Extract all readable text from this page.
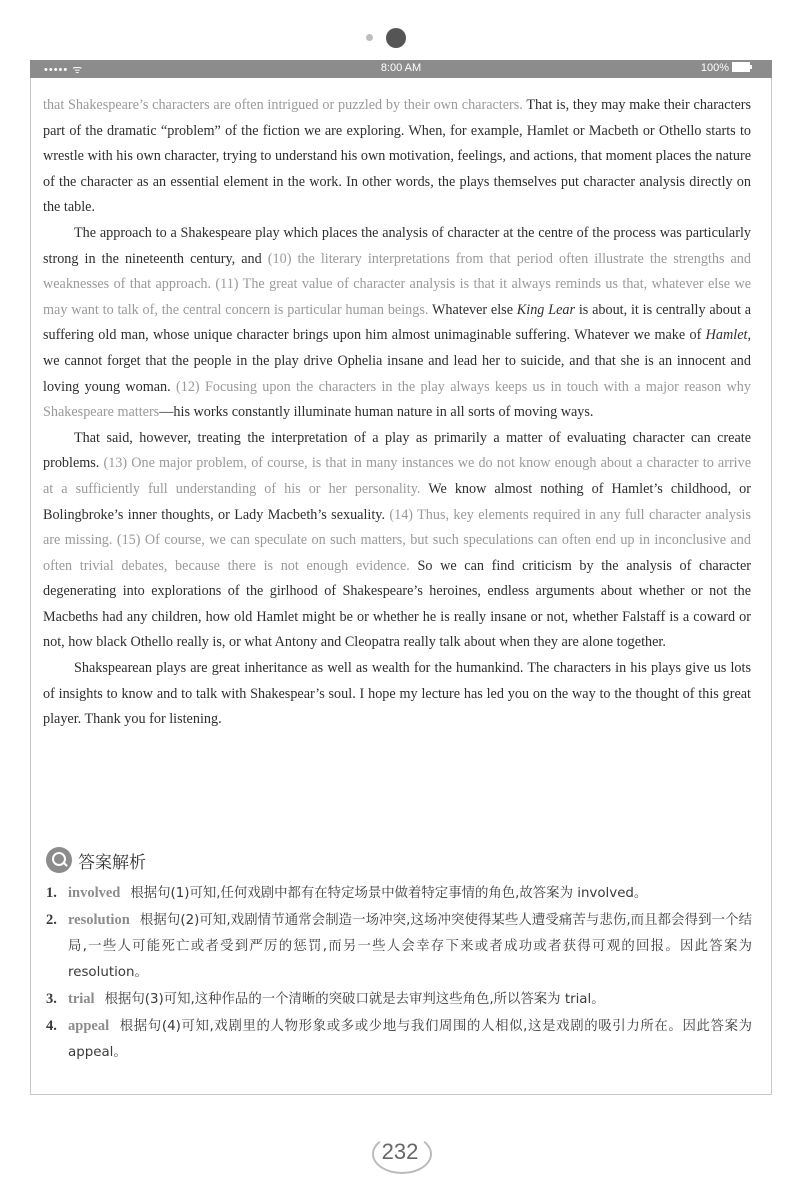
••••• ᯤ	8:00 AM	100%

that Shakespeare’s characters are often intrigued or puzzled by their own characters. That is, they may make their characters part of the dramatic “problem” of the fiction we are exploring. When, for example, Hamlet or Macbeth or Othello starts to wrestle with his own character, trying to understand his own motivation, feelings, and actions, that moment places the nature of the character as an essential element in the work. In other words, the plays themselves put character analysis directly on the table.

The approach to a Shakespeare play which places the analysis of character at the centre of the process was particularly strong in the nineteenth century, and (10) the literary interpretations from that period often illustrate the strengths and weaknesses of that approach. (11) The great value of character analysis is that it always reminds us that, whatever else we may want to talk of, the central concern is particular human beings. Whatever else King Lear is about, it is centrally about a suffering old man, whose unique character brings upon him almost unimaginable suffering. Whatever we make of Hamlet, we cannot forget that the people in the play drive Ophelia insane and lead her to suicide, and that she is an innocent and loving young woman. (12) Focusing upon the characters in the play always keeps us in touch with a major reason why Shakespeare matters—his works constantly illuminate human nature in all sorts of moving ways.

That said, however, treating the interpretation of a play as primarily a matter of evaluating character can create problems. (13) One major problem, of course, is that in many instances we do not know enough about a character to arrive at a sufficiently full understanding of his or her personality. We know almost nothing of Hamlet’s childhood, or Bolingbroke’s inner thoughts, or Lady Macbeth’s sexuality. (14) Thus, key elements required in any full character analysis are missing. (15) Of course, we can speculate on such matters, but such speculations can often end up in inconclusive and often trivial debates, because there is not enough evidence. So we can find criticism by the analysis of character degenerating into explorations of the girlhood of Shakespeare’s heroines, endless arguments about whether or not the Macbeths had any children, how old Hamlet might be or whether he is really insane or not, whether Falstaff is a coward or not, how black Othello really is, or what Antony and Cleopatra really talk about when they are alone together.

Shakspearean plays are great inheritance as well as wealth for the humankind. The characters in his plays give us lots of insights to know and to talk with Shakespear’s soul. I hope my lecture has led you on the way to the thought of this great player. Thank you for listening.

答案解析

1. involved 根据句(1)可知,任何戏剧中都有在特定场景中做着特定事情的角色,故答案为 involved。

2. resolution 根据句(2)可知,戏剧情节通常会制造一场冲突,这场冲突使得某些人遭受痛苦与悲伤,而且都会得到一个结局,一些人可能死亡或者受到严厉的惩罚,而另一些人会幸存下来或者成功或者获得可观的回报。因此答案为 resolution。

3. trial 根据句(3)可知,这种作品的一个清晰的突破口就是去审判这些角色,所以答案为 trial。

4. appeal 根据句(4)可知,戏剧里的人物形象或多或少地与我们周围的人相似,这是戏剧的吸引力所在。因此答案为 appeal。

232
